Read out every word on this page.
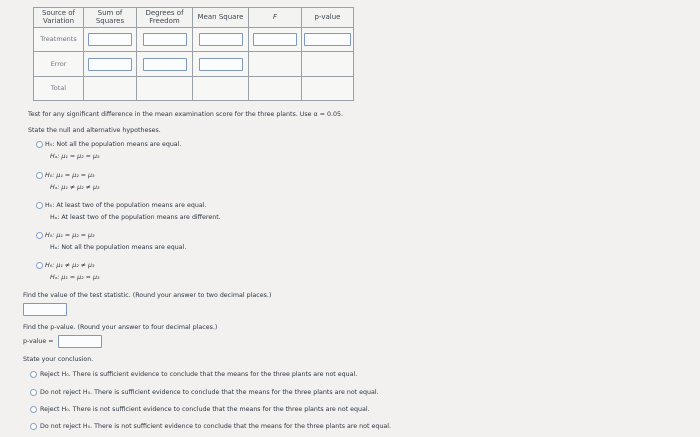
Source of Variation	Sum of Squares	Degrees of Freedom	Mean Square	F	p-value
Treatments					
Error					
Total					
Test for any significant difference in the mean examination score for the three plants. Use α = 0.05.
State the null and alternative hypotheses.
H₀: Not all the population means are equal.
Hₐ: μ₁ = μ₂ = μ₃
H₀: μ₁ = μ₂ = μ₃
Hₐ: μ₁ ≠ μ₂ ≠ μ₃
H₀: At least two of the population means are equal.
Hₐ: At least two of the population means are different.
H₀: μ₁ = μ₂ = μ₃
Hₐ: Not all the population means are equal.
H₀: μ₁ ≠ μ₂ ≠ μ₃
Hₐ: μ₁ = μ₂ = μ₃
Find the value of the test statistic. (Round your answer to two decimal places.)
Find the p-value. (Round your answer to four decimal places.)
p-value =
State your conclusion.
Reject H₀. There is sufficient evidence to conclude that the means for the three plants are not equal.
Do not reject H₀. There is sufficient evidence to conclude that the means for the three plants are not equal.
Reject H₀. There is not sufficient evidence to conclude that the means for the three plants are not equal.
Do not reject H₀. There is not sufficient evidence to conclude that the means for the three plants are not equal.
